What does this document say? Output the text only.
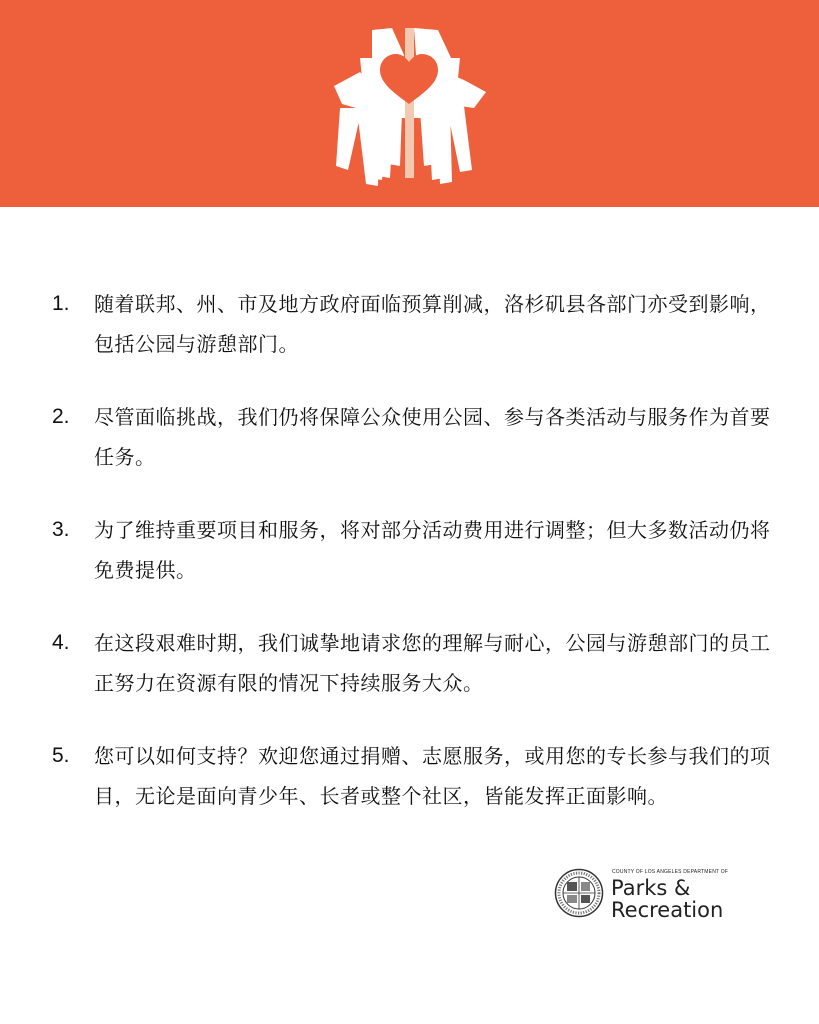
1.	随着联邦、州、市及地方政府面临预算削减，洛杉矶县各部门亦受到影响，包括公园与游憩部门。
2.	尽管面临挑战，我们仍将保障公众使用公园、参与各类活动与服务作为首要任务。
3.	为了维持重要项目和服务，将对部分活动费用进行调整；但大多数活动仍将免费提供。
4.	在这段艰难时期，我们诚挚地请求您的理解与耐心，公园与游憩部门的员工正努力在资源有限的情况下持续服务大众。
5.	您可以如何支持？欢迎您通过捐赠、志愿服务，或用您的专长参与我们的项目，无论是面向青少年、长者或整个社区，皆能发挥正面影响。
COUNTY OF LOS ANGELES DEPARTMENT OF
Parks &
Recreation
